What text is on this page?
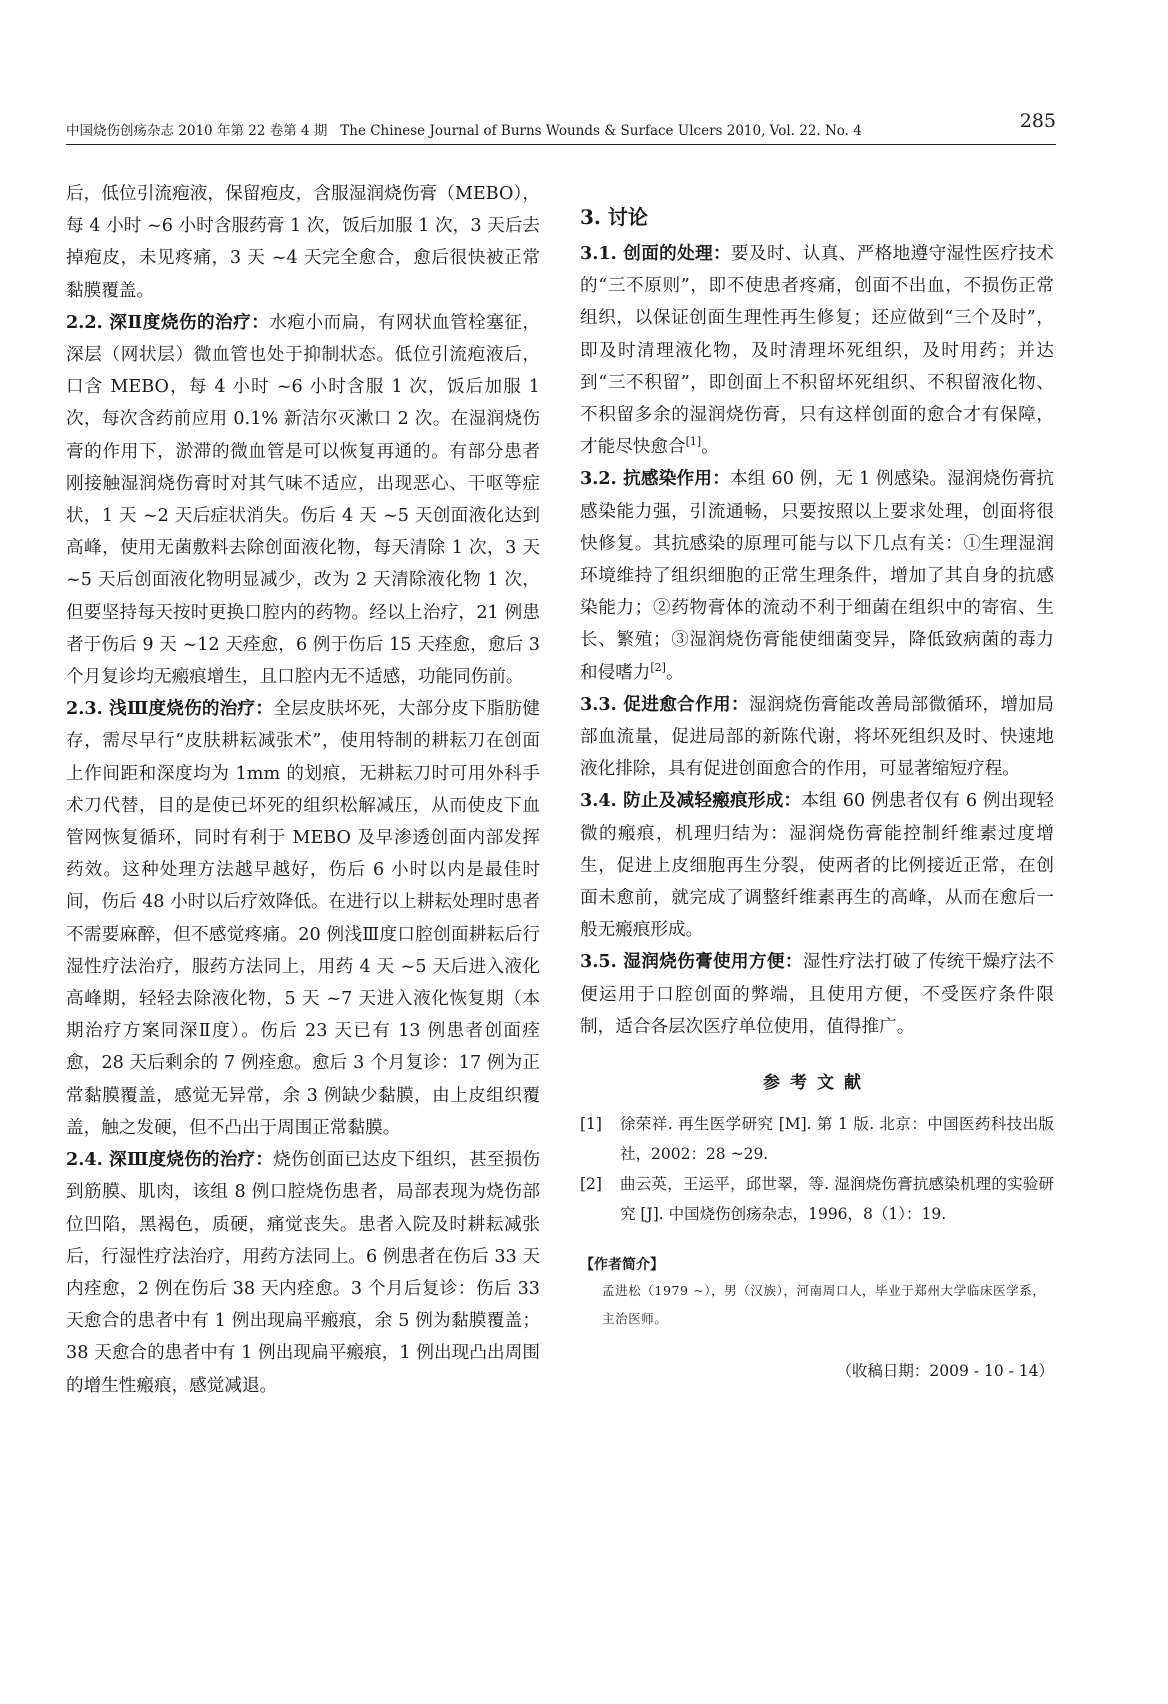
中国烧伤创疡杂志 2010 年第 22 卷第 4 期 The Chinese Journal of Burns Wounds & Surface Ulcers 2010, Vol. 22. No. 4	285

后，低位引流疱液，保留疱皮，含服湿润烧伤膏（MEBO），每 4 小时 ~6 小时含服药膏 1 次，饭后加服 1 次，3 天后去掉疱皮，未见疼痛，3 天 ~4 天完全愈合，愈后很快被正常黏膜覆盖。

2.2. 深Ⅱ度烧伤的治疗：水疱小而扁，有网状血管栓塞征，深层（网状层）微血管也处于抑制状态。低位引流疱液后，口含 MEBO，每 4 小时 ~6 小时含服 1 次，饭后加服 1 次，每次含药前应用 0.1% 新洁尔灭漱口 2 次。在湿润烧伤膏的作用下，淤滞的微血管是可以恢复再通的。有部分患者刚接触湿润烧伤膏时对其气味不适应，出现恶心、干呕等症状，1 天 ~2 天后症状消失。伤后 4 天 ~5 天创面液化达到高峰，使用无菌敷料去除创面液化物，每天清除 1 次，3 天 ~5 天后创面液化物明显减少，改为 2 天清除液化物 1 次，但要坚持每天按时更换口腔内的药物。经以上治疗，21 例患者于伤后 9 天 ~12 天痊愈，6 例于伤后 15 天痊愈，愈后 3 个月复诊均无瘢痕增生，且口腔内无不适感，功能同伤前。

2.3. 浅Ⅲ度烧伤的治疗：全层皮肤坏死，大部分皮下脂肪健存，需尽早行“皮肤耕耘减张术”，使用特制的耕耘刀在创面上作间距和深度均为 1mm 的划痕，无耕耘刀时可用外科手术刀代替，目的是使已坏死的组织松解减压，从而使皮下血管网恢复循环，同时有利于 MEBO 及早渗透创面内部发挥药效。这种处理方法越早越好，伤后 6 小时以内是最佳时间，伤后 48 小时以后疗效降低。在进行以上耕耘处理时患者不需要麻醉，但不感觉疼痛。20 例浅Ⅲ度口腔创面耕耘后行湿性疗法治疗，服药方法同上，用药 4 天 ~5 天后进入液化高峰期，轻轻去除液化物，5 天 ~7 天进入液化恢复期（本期治疗方案同深Ⅱ度）。伤后 23 天已有 13 例患者创面痊愈，28 天后剩余的 7 例痊愈。愈后 3 个月复诊：17 例为正常黏膜覆盖，感觉无异常，余 3 例缺少黏膜，由上皮组织覆盖，触之发硬，但不凸出于周围正常黏膜。

2.4. 深Ⅲ度烧伤的治疗：烧伤创面已达皮下组织，甚至损伤到筋膜、肌肉，该组 8 例口腔烧伤患者，局部表现为烧伤部位凹陷，黑褐色，质硬，痛觉丧失。患者入院及时耕耘减张后，行湿性疗法治疗，用药方法同上。6 例患者在伤后 33 天内痊愈，2 例在伤后 38 天内痊愈。3 个月后复诊：伤后 33 天愈合的患者中有 1 例出现扁平瘢痕，余 5 例为黏膜覆盖；38 天愈合的患者中有 1 例出现扁平瘢痕，1 例出现凸出周围的增生性瘢痕，感觉减退。

3. 讨论

3.1. 创面的处理：要及时、认真、严格地遵守湿性医疗技术的“三不原则”，即不使患者疼痛，创面不出血，不损伤正常组织，以保证创面生理性再生修复；还应做到“三个及时”，即及时清理液化物，及时清理坏死组织，及时用药；并达到“三不积留”，即创面上不积留坏死组织、不积留液化物、不积留多余的湿润烧伤膏，只有这样创面的愈合才有保障，才能尽快愈合[1]。

3.2. 抗感染作用：本组 60 例，无 1 例感染。湿润烧伤膏抗感染能力强，引流通畅，只要按照以上要求处理，创面将很快修复。其抗感染的原理可能与以下几点有关：①生理湿润环境维持了组织细胞的正常生理条件，增加了其自身的抗感染能力；②药物膏体的流动不利于细菌在组织中的寄宿、生长、繁殖；③湿润烧伤膏能使细菌变异，降低致病菌的毒力和侵嗜力[2]。

3.3. 促进愈合作用：湿润烧伤膏能改善局部微循环，增加局部血流量，促进局部的新陈代谢，将坏死组织及时、快速地液化排除，具有促进创面愈合的作用，可显著缩短疗程。

3.4. 防止及减轻瘢痕形成：本组 60 例患者仅有 6 例出现轻微的瘢痕，机理归结为：湿润烧伤膏能控制纤维素过度增生，促进上皮细胞再生分裂，使两者的比例接近正常，在创面未愈前，就完成了调整纤维素再生的高峰，从而在愈后一般无瘢痕形成。

3.5. 湿润烧伤膏使用方便：湿性疗法打破了传统干燥疗法不便运用于口腔创面的弊端，且使用方便，不受医疗条件限制，适合各层次医疗单位使用，值得推广。

参考文献
[1]	徐荣祥. 再生医学研究 [M]. 第 1 版. 北京：中国医药科技出版社，2002：28 ~29.
[2]	曲云英，王运平，邱世翠，等. 湿润烧伤膏抗感染机理的实验研究 [J]. 中国烧伤创疡杂志，1996，8（1）：19.
【作者简介】
孟进松（1979 ~），男（汉族），河南周口人，毕业于郑州大学临床医学系，主治医师。
（收稿日期：2009 - 10 - 14）
